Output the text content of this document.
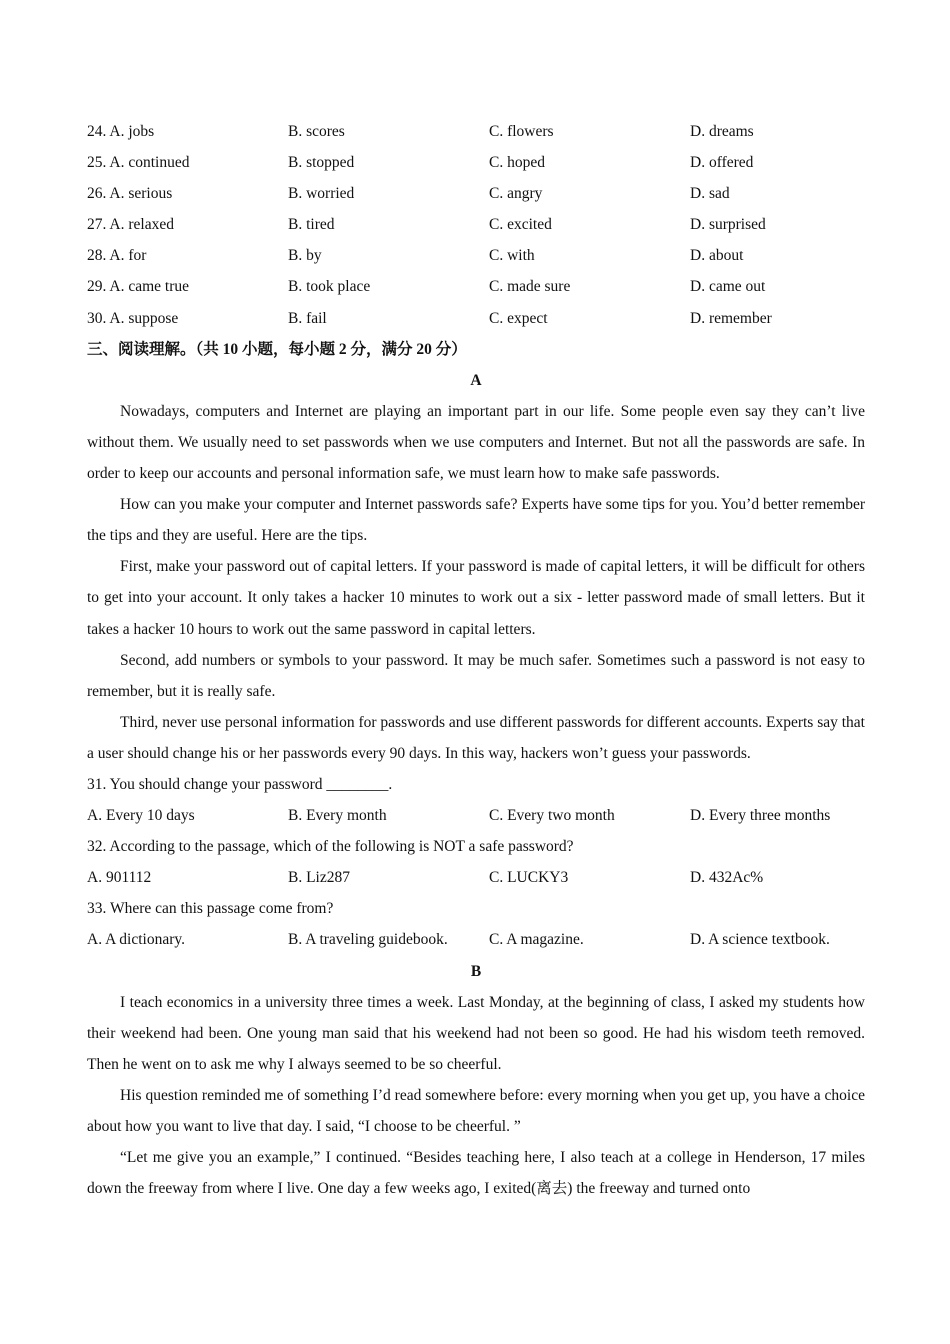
24. A. jobs	B. scores	C. flowers	D. dreams
25. A. continued	B. stopped	C. hoped	D. offered
26. A. serious	B. worried	C. angry	D. sad
27. A. relaxed	B. tired	C. excited	D. surprised
28. A. for	B. by	C. with	D. about
29. A. came true	B. took place	C. made sure	D. came out
30. A. suppose	B. fail	C. expect	D. remember
三、阅读理解。（共 10 小题，每小题 2 分，满分 20 分）
A

Nowadays, computers and Internet are playing an important part in our life. Some people even say they can’t live without them. We usually need to set passwords when we use computers and Internet. But not all the passwords are safe. In order to keep our accounts and personal information safe, we must learn how to make safe passwords.

How can you make your computer and Internet passwords safe? Experts have some tips for you. You’d better remember the tips and they are useful. Here are the tips.

First, make your password out of capital letters. If your password is made of capital letters, it will be difficult for others to get into your account. It only takes a hacker 10 minutes to work out a six - letter password made of small letters. But it takes a hacker 10 hours to work out the same password in capital letters.

Second, add numbers or symbols to your password. It may be much safer. Sometimes such a password is not easy to remember, but it is really safe.

Third, never use personal information for passwords and use different passwords for different accounts. Experts say that a user should change his or her passwords every 90 days. In this way, hackers won’t guess your passwords.

31. You should change your password ________.
A. Every 10 days	B. Every month	C. Every two month	D. Every three months
32. According to the passage, which of the following is NOT a safe password?
A. 901112	B. Liz287	C. LUCKY3	D. 432Ac%
33. Where can this passage come from?
A. A dictionary.	B. A traveling guidebook.	C. A magazine.	D. A science textbook.
B

I teach economics in a university three times a week. Last Monday, at the beginning of class, I asked my students how their weekend had been. One young man said that his weekend had not been so good. He had his wisdom teeth removed. Then he went on to ask me why I always seemed to be so cheerful.

His question reminded me of something I’d read somewhere before: every morning when you get up, you have a choice about how you want to live that day. I said, “I choose to be cheerful. ”

“Let me give you an example,” I continued. “Besides teaching here, I also teach at a college in Henderson, 17 miles down the freeway from where I live. One day a few weeks ago, I exited(离去) the freeway and turned onto
